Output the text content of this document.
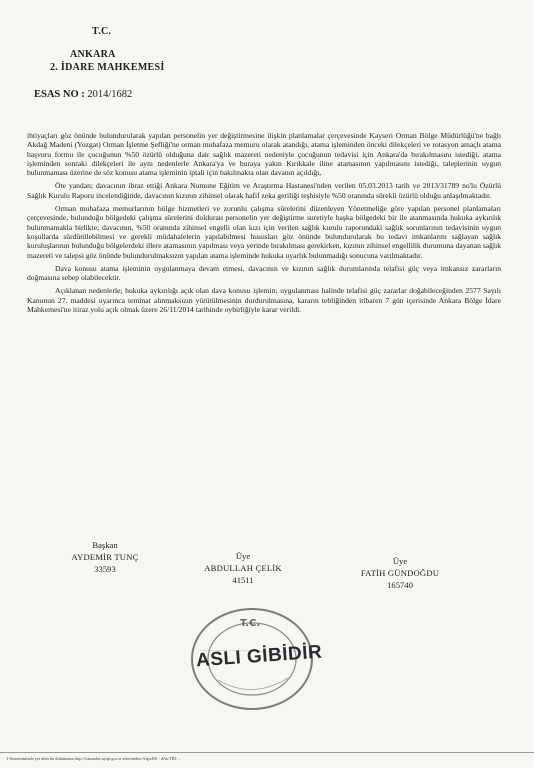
T.C.
ANKARA
2. İDARE MAHKEMESİ
ESAS NO : 2014/1682

ihtiyaçları göz önünde bulundurularak yapılan personelin yer değiştirmesine ilişkin planlamalar çerçevesinde Kayseri Orman Bölge Müdürlüğü'ne bağlı Akdağ Madeni (Yozgat) Orman İşletme Şefliği'ne orman muhafaza memuru olarak atandığı, atama işleminden önceki dilekçeleri ve rotasyon amaçlı atama başvuru formu ile çocuğunun %50 özürlü olduğuna dair sağlık mazereti nedeniyle çocuğunun tedavisi için Ankara'da bırakılmasını istediği, atama işleminden sonraki dilekçeleri ile aynı nedenlerle Ankara'ya ve buraya yakın Kırıkkale iline atamasının yapılmasını istediği, taleplerinin uygun bulunmaması üzerine de söz konusu atama işleminin iptali için bakılmakta olan davanın açıldığı,

Öte yandan; davacının ibraz ettiği Ankara Numune Eğitim ve Araştırma Hastanesi'nden verilen 05.03.2013 tarih ve 2013/31789 no'lu Özürlü Sağlık Kurulu Raporu incelendiğinde, davacının kızının zihinsel olarak hafif zeka geriliği teşhisiyle %50 oranında sürekli özürlü olduğu anlaşılmaktadır.

Orman muhafaza memurlarının bölge hizmetleri ve zorunlu çalışma sürelerini düzenleyen Yönetmeliğe göre yapılan personel planlamaları çerçevesinde, bulunduğu bölgedeki çalışma sürelerini doldurан personelin yer değiştirme suretiyle başka bölgedeki bir ile atanmasında hukuka aykırılık bulunmamakla birlikte; davacının, %50 oranında zihinsel engelli olan kızı için verilen sağlık kurulu raporundaki sağlık sorunlarının tedavisinin uygun koşullarda sürdürülebilmesi ve gerekli müdahalelerin yapılabilmesi hususları göz önünde bulundurularak bu tedavi imkanlarını sağlayan sağlık kuruluşlarının bulunduğu bölgelerdeki illere atamasının yapılması veya yerinde bırakılması gerekirken, kızının zihinsel engellilik durumuna dayanan sağlık mazereti ve talepsi göz önünde bulundurulmaksızın yapılan atama işleminde hukuka uyarlık bulunmadığı sonucuna varılmaktadır.

Dava konusu atama işleminin uygulanmaya devam etmesi, davacının ve kızının sağlık durumlarında telafisi güç veya imkansız zararların doğmasına sebep olabilecektir.

Açıklanan nedenlerle; hukuka aykırılığı açık olan dava konusu işlemin; uygulanması halinde telafisi güç zararlar doğabileceğinden 2577 Sayılı Kanunun 27. maddesi uyarınca teminat alınmaksızın yürütülmesinin durdurulmasına, kararın tebliğinden itibaren 7 gün içerisinde Ankara Bölge İdare Mahkemesi'ne itiraz yolu açık olmak üzere 26/11/2014 tarihinde oybirliğiyle karar verildi.

Başkan
AYDEMİR TUNÇ
33593
Üye
ABDULLAH ÇELİK
41511
Üye
FATİH GÜNDOĞDU
165740
T.C.
ASLI GİBİDİR
1-Sistemimizde yer alan bu dokümana http://vatandas.uyap.gov.tr adresinden AlgwR6 - dAtrTH1 ...
